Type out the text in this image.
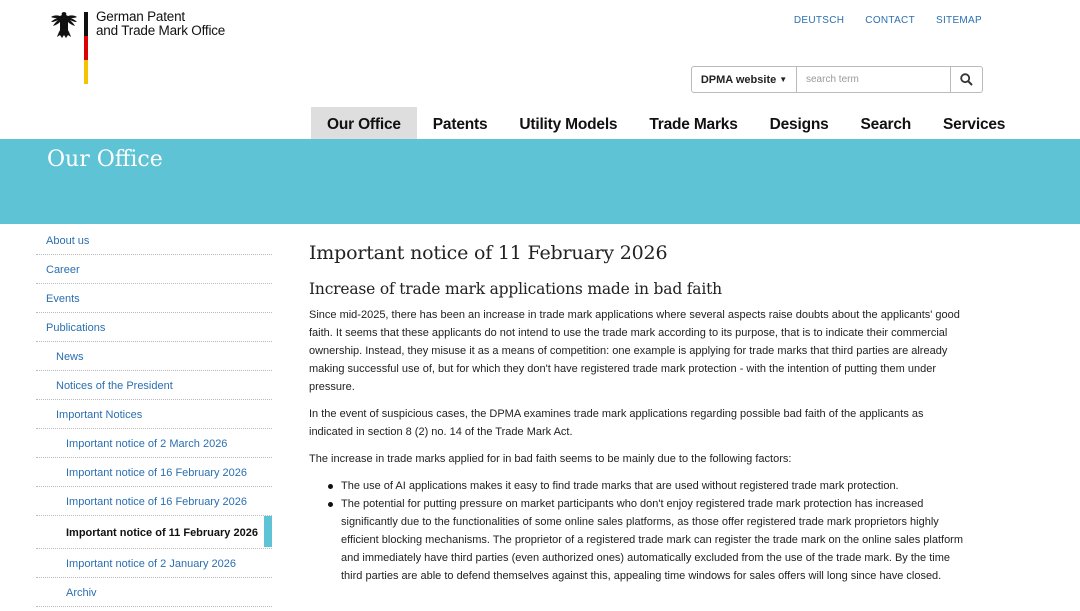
German Patent
and Trade Mark Office
DEUTSCH CONTACT SITEMAP
DPMA website ▼
search term
Our Office	Patents	Utility Models	Trade Marks	Designs	Search	Services
Our Office
About us
Career
Events
Publications
News
Notices of the President
Important Notices
Important notice of 2 March 2026
Important notice of 16 February 2026
Important notice of 16 February 2026
Important notice of 11 February 2026
Important notice of 2 January 2026
Archiv
Important notice of 11 February 2026
Increase of trade mark applications made in bad faith

Since mid-2025, there has been an increase in trade mark applications where several aspects raise doubts about the applicants' good faith. It seems that these applicants do not intend to use the trade mark according to its purpose, that is to indicate their commercial ownership. Instead, they misuse it as a means of competition: one example is applying for trade marks that third parties are already making successful use of, but for which they don't have registered trade mark protection - with the intention of putting them under pressure.

In the event of suspicious cases, the DPMA examines trade mark applications regarding possible bad faith of the applicants as indicated in section 8 (2) no. 14 of the Trade Mark Act.

The increase in trade marks applied for in bad faith seems to be mainly due to the following factors:

The use of AI applications makes it easy to find trade marks that are used without registered trade mark protection.
The potential for putting pressure on market participants who don't enjoy registered trade mark protection has increased significantly due to the functionalities of some online sales platforms, as those offer registered trade mark proprietors highly efficient blocking mechanisms. The proprietor of a registered trade mark can register the trade mark on the online sales platform and immediately have third parties (even authorized ones) automatically excluded from the use of the trade mark. By the time third parties are able to defend themselves against this, appealing time windows for sales offers will long since have closed.
